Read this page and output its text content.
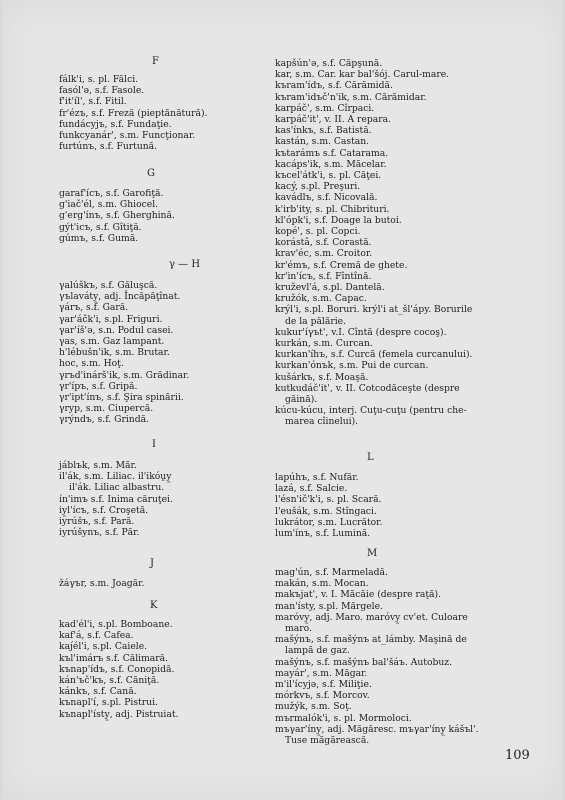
F
fálk'i, s. pl. Fălci.
fasól'ə, s.f. Fasole.
f'it'íl', s.f. Fitil.
fr'ézъ, s.f. Freză (pieptănătură).
fundácyjъ, s.f. Fundaţie.
funkcyanár', s.m. Funcţionar.
furtúnъ, s.f. Furtună.
G
garaf'ícъ, s.f. Garofiţă.
g'iač'él, s.m. Ghiocel.
g'erg'ínъ, s.f. Gherghină.
gýt'icъ, s.f. Gîtiţă.
gúmъ, s.f. Gumă.
γ — H
γalúškъ, s.f. Găluşcă.
γъlaváty̯, adj. Încăpăţînat.
γárъ, s.f. Gară.
γar'áčk'i, s.pl. Friguri.
γar'íš'ə, s.n. Podul casei.
γas, s.m. Gaz lampant.
h'lébušn'ik, s.m. Brutar.
hoc, s.m. Hoţ.
γrъd'inárš'ik, s.m. Grădinar.
γr'ípъ, s.f. Gripă.
γr'ipt'ínъ, s.f. Şira spinării.
γryp, s.m. Ciupercă.
γrýndъ, s.f. Grindă.
I
jáblъk, s.m. Măr.
il'ák, s.m. Liliac. il'ikóṷy̯
il'ák. Liliac albastru.
ín'imъ s.f. Inima căruţei.
iy̯l'ícъ, s.f. Croşetă.
iyrúšъ, s.f. Pară.
iyrúšynъ, s.f. Păr.
J
žáγъr, s.m. Joagăr.
K
kad'él'i, s.pl. Bomboane.
kaf'á, s.f. Cafea.
kaj́él'i, s.pl. Caiele.
kъl'imárъ s.f. Călimară.
kъnap'ídъ, s.f. Conopidă.
kán'ъč'kъ, s.f. Căniţă.
kánkъ, s.f. Cană.
kъnapl'í, s.pl. Pistrui.
kъnapl'ísty̯, adj. Pistruiat.
kapšún'ə, s.f. Căpşună.
kar, s.m. Car. kar bal'šój. Carul-mare.
kъram'ídъ, s.f. Cărămidă.
kъram'idъč'n'ik, s.m. Cărămidar.
karpáč', s.m. Cîrpaci.
karpáč'it', v. II. A repara.
kas'ínkъ, s.f. Batistă.
kastán, s.m. Castan.
kъtarámъ s.f. Catarama.
kacáps'ik, s.m. Măcelar.
kъcel'átk'i, s. pl. Căţei.
kacý, s.pl. Preşuri.
kavádlъ, s.f. Nicovală.
k'irb'ity, s. pl. Chibrituri.
kl'ópk'i, s.f. Doage la butoi.
kopé', s. pl. Copci.
korástâ, s.f. Corastă.
krav'éc, s.m. Croitor.
kr'émъ, s.f. Cremă de ghete.
kr'in'ícъ, s.f. Fîntînă.
kruževl'á, s.pl. Dantelă.
kružók, s.m. Capac.
krýl'i, s.pl. Boruri. krýl'i at_šl'ápy. Borurile
de la pălărie.
kukur'íγъt', v.I. Cîntă (despre cocoş).
kurkán, s.m. Curcan.
kurkan'íhъ, s.f. Curcă (femela curcanului).
kurkan'ónъk, s.m. Pui de curcan.
kušárkъ, s.f. Moaşă.
kutkudáč'it', v. II. Cotcodăceşte (despre
găină).
kúcu-kúcu, interj. Cuţu-cuţu (pentru che-
marea cîinelui).
L
lapúhъ, s.f. Nufăr.
lazá, s.f. Salcie.
l'ésn'ič'k'i, s. pl. Scară.
l'eušák, s.m. Stîngaci.
lukrátor, s.m. Lucrător.
lum'ínъ, s.f. Lumină.
M
mag'ún, s.f. Marmeladă.
makán, s.m. Mocan.
makъjat', v. I. Măcăie (despre raţă).
man'ísty, s.pl. Mărgele.
maróvy̯, adj. Maro. maróvy̯ cv'et. Culoare
maro.
mašýnъ, s.f. mašýnъ at_lámby. Maşină de
lampă de gaz.
mašýnъ, s.f. mašýnъ bal'šáъ. Autobuz.
mayár', s.m. Măgar.
m'il'ícyjə, s.f. Miliţie.
mórkvъ, s.f. Morcov.
mužýk, s.m. Soţ.
mъrmalók'i, s. pl. Mormoloci.
mъγar'íny̯, adj. Măgăresc. mъγar'íny̯ kášъl'.
Tuse măgărească.
109
